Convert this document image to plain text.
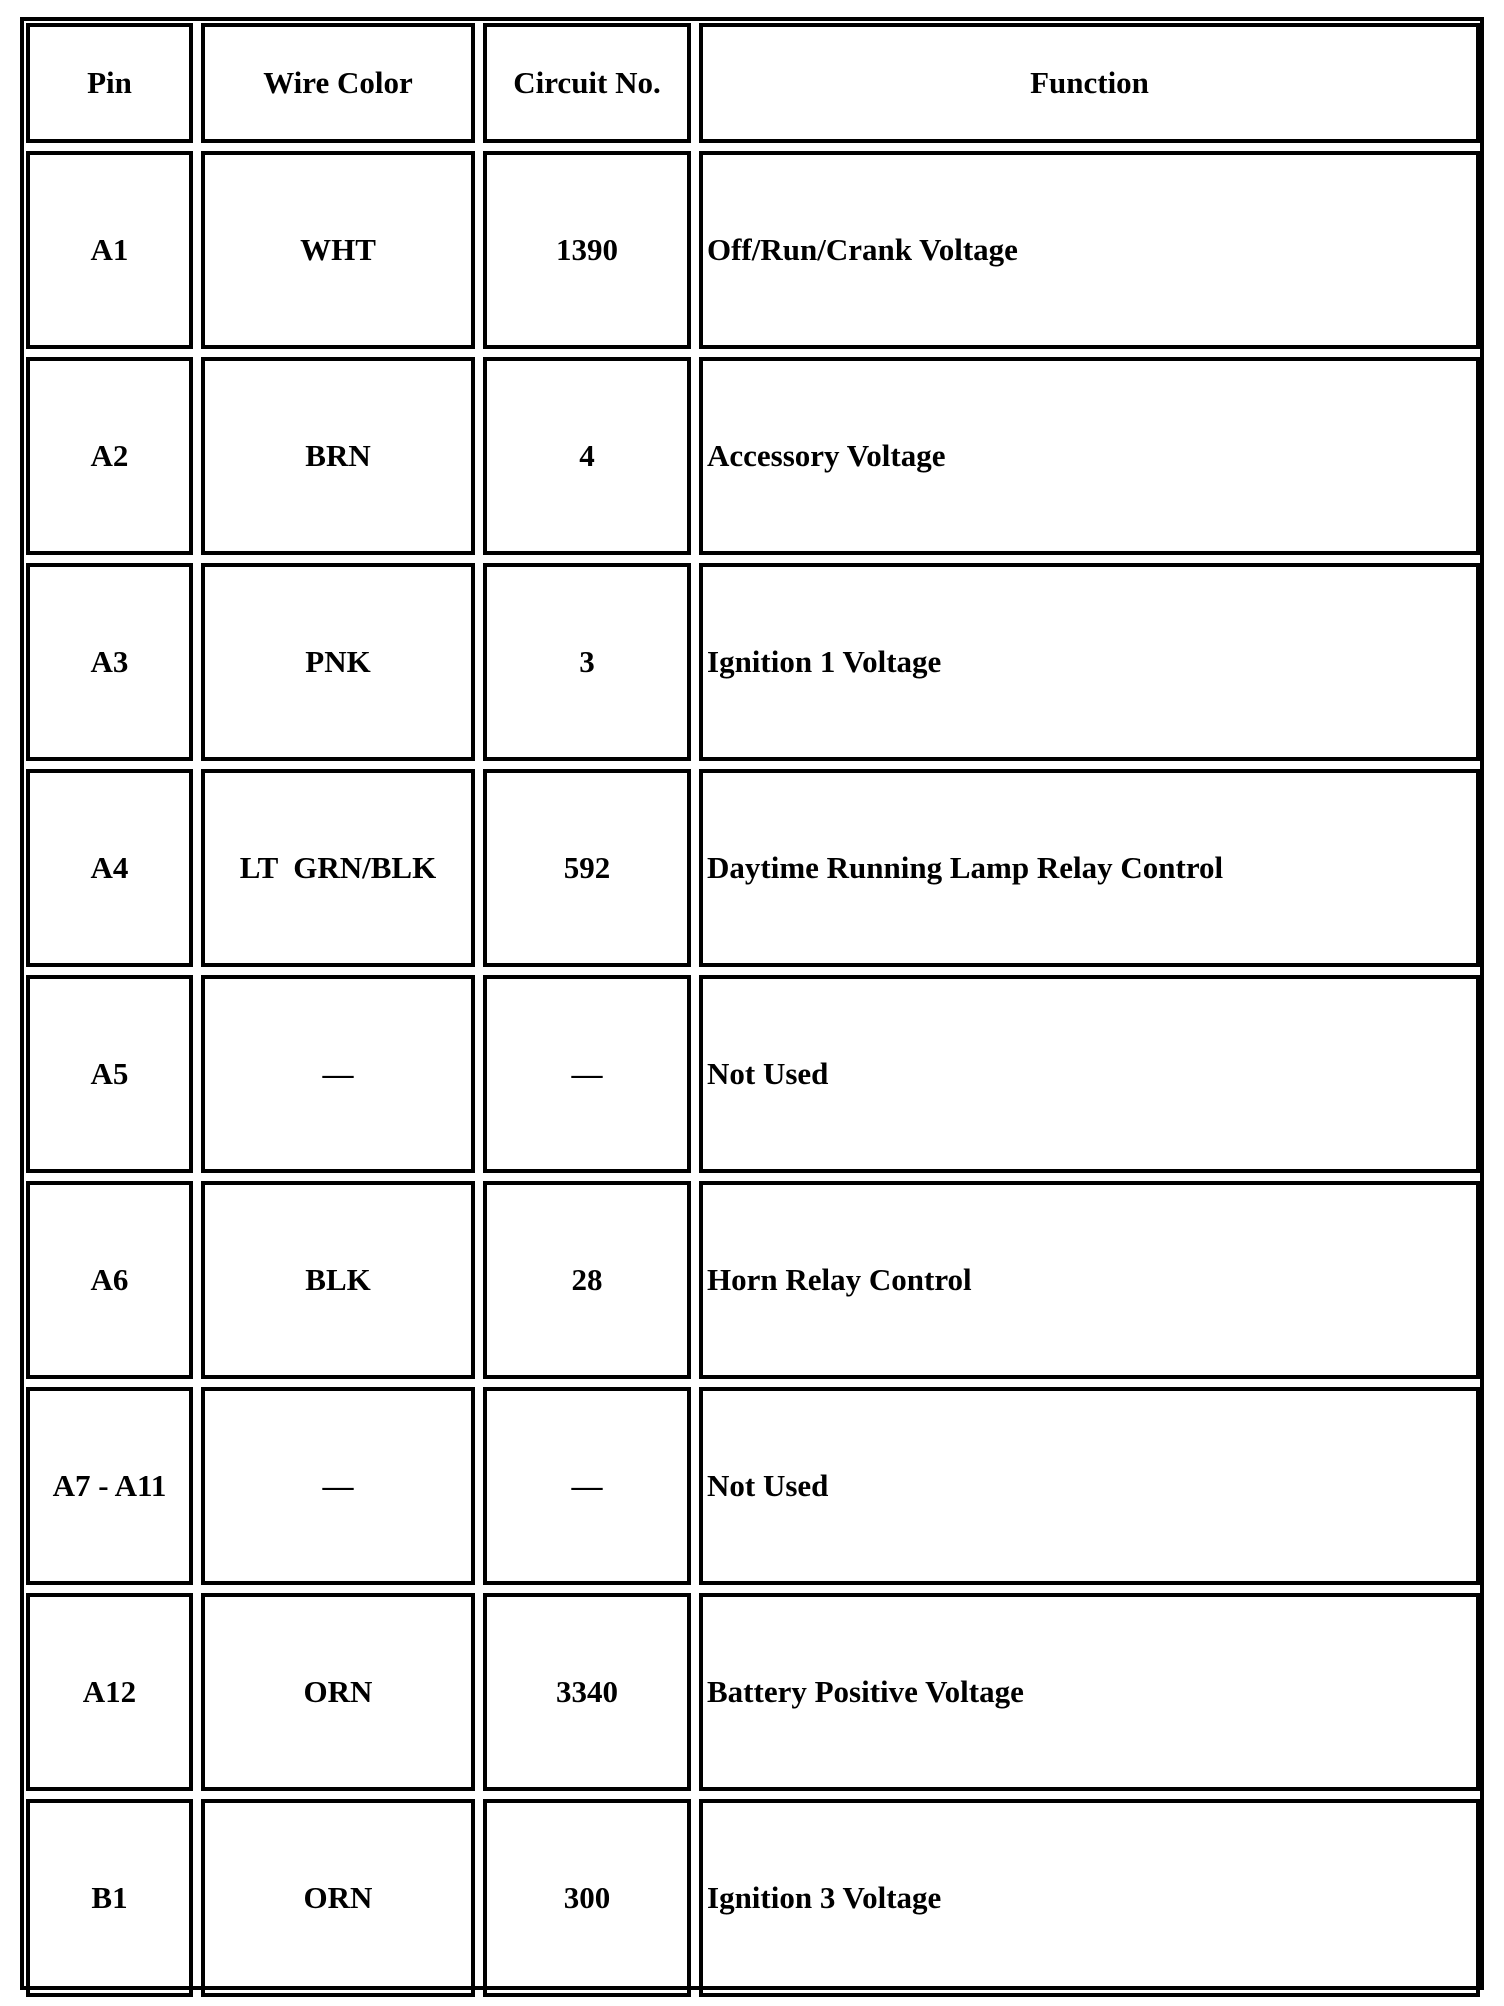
Pin	Wire Color	Circuit No.	Function
A1	WHT	1390	Off/Run/Crank Voltage
A2	BRN	4	Accessory Voltage
A3	PNK	3	Ignition 1 Voltage
A4	LT  GRN/BLK	592	Daytime Running Lamp Relay Control
A5	—	—	Not Used
A6	BLK	28	Horn Relay Control
A7 - A11	—	—	Not Used
A12	ORN	3340	Battery Positive Voltage
B1	ORN	300	Ignition 3 Voltage
